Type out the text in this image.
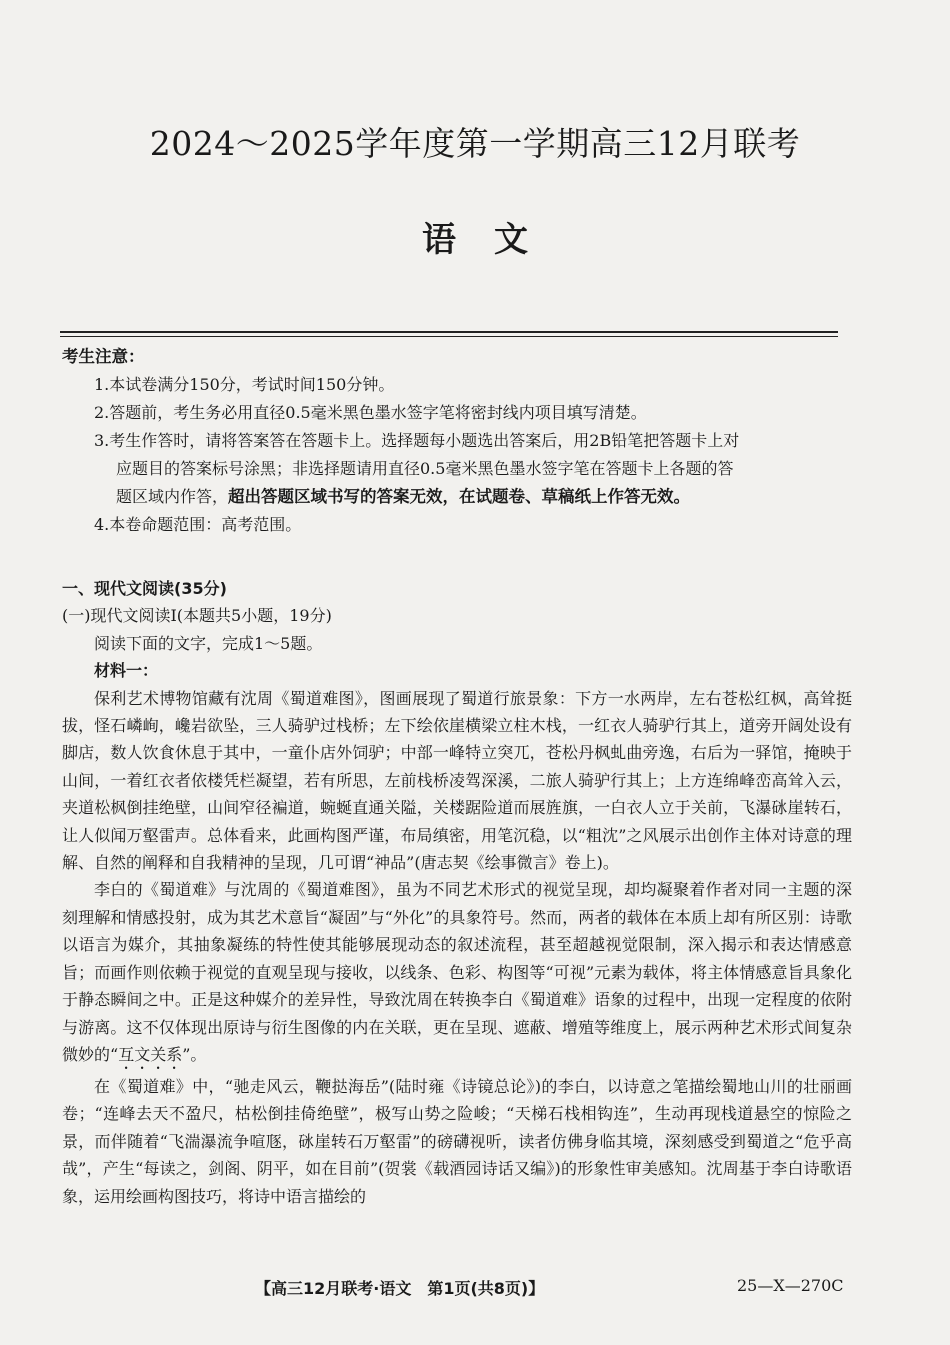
2024～2025学年度第一学期高三12月联考
语文
考生注意：
1.本试卷满分150分，考试时间150分钟。
2.答题前，考生务必用直径0.5毫米黑色墨水签字笔将密封线内项目填写清楚。
3.考生作答时，请将答案答在答题卡上。选择题每小题选出答案后，用2B铅笔把答题卡上对
应题目的答案标号涂黑；非选择题请用直径0.5毫米黑色墨水签字笔在答题卡上各题的答
题区域内作答，超出答题区域书写的答案无效，在试题卷、草稿纸上作答无效。
4.本卷命题范围：高考范围。
一、现代文阅读(35分)
(一)现代文阅读Ⅰ(本题共5小题，19分)
阅读下面的文字，完成1～5题。
材料一：

保利艺术博物馆藏有沈周《蜀道难图》，图画展现了蜀道行旅景象：下方一水两岸，左右苍松红枫，高耸挺拔，怪石嶙峋，巉岩欲坠，三人骑驴过栈桥；左下绘依崖横梁立柱木栈，一红衣人骑驴行其上，道旁开阔处设有脚店，数人饮食休息于其中，一童仆店外饲驴；中部一峰特立突兀，苍松丹枫虬曲旁逸，右后为一驿馆，掩映于山间，一着红衣者依楼凭栏凝望，若有所思，左前栈桥凌驾深溪，二旅人骑驴行其上；上方连绵峰峦高耸入云，夹道松枫倒挂绝壁，山间窄径褊道，蜿蜒直通关隘，关楼踞险道而展旌旗，一白衣人立于关前，飞瀑砯崖转石，让人似闻万壑雷声。总体看来，此画构图严谨，布局缜密，用笔沉稳，以“粗沈”之风展示出创作主体对诗意的理解、自然的阐释和自我精神的呈现，几可谓“神品”(唐志契《绘事微言》卷上)。

李白的《蜀道难》与沈周的《蜀道难图》，虽为不同艺术形式的视觉呈现，却均凝聚着作者对同一主题的深刻理解和情感投射，成为其艺术意旨“凝固”与“外化”的具象符号。然而，两者的载体在本质上却有所区别：诗歌以语言为媒介，其抽象凝练的特性使其能够展现动态的叙述流程，甚至超越视觉限制，深入揭示和表达情感意旨；而画作则依赖于视觉的直观呈现与接收，以线条、色彩、构图等“可视”元素为载体，将主体情感意旨具象化于静态瞬间之中。正是这种媒介的差异性，导致沈周在转换李白《蜀道难》语象的过程中，出现一定程度的依附与游离。这不仅体现出原诗与衍生图像的内在关联，更在呈现、遮蔽、增殖等维度上，展示两种艺术形式间复杂微妙的“互文关系”。

在《蜀道难》中，“驰走风云，鞭挞海岳”(陆时雍《诗镜总论》)的李白，以诗意之笔描绘蜀地山川的壮丽画卷；“连峰去天不盈尺，枯松倒挂倚绝壁”，极写山势之险峻；“天梯石栈相钩连”，生动再现栈道悬空的惊险之景，而伴随着“飞湍瀑流争喧豗，砯崖转石万壑雷”的磅礴视听，读者仿佛身临其境，深刻感受到蜀道之“危乎高哉”，产生“每读之，剑阁、阴平，如在目前”(贺裳《载酒园诗话又编》)的形象性审美感知。沈周基于李白诗歌语象，运用绘画构图技巧，将诗中语言描绘的

【高三12月联考·语文　第1页(共8页)】	25—X—270C
